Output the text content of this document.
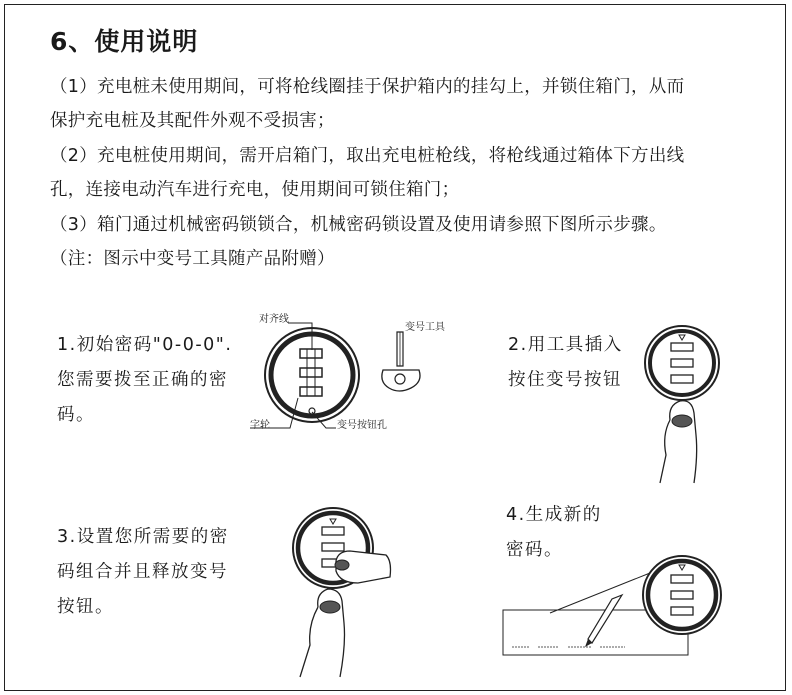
6、使用说明
（1）充电桩未使用期间，可将枪线圈挂于保护箱内的挂勾上，并锁住箱门，从而
保护充电桩及其配件外观不受损害；
（2）充电桩使用期间，需开启箱门，取出充电桩枪线，将枪线通过箱体下方出线
孔，连接电动汽车进行充电，使用期间可锁住箱门；
（3）箱门通过机械密码锁锁合，机械密码锁设置及使用请参照下图所示步骤。
（注：图示中变号工具随产品附赠）
1.初始密码"0-0-0".
您需要拨至正确的密
码。
2.用工具插入
按住变号按钮
3.设置您所需要的密
码组合并且释放变号
按钮。
4.生成新的
密码。
对齐线
变号工具
字轮	变号按钮孔
